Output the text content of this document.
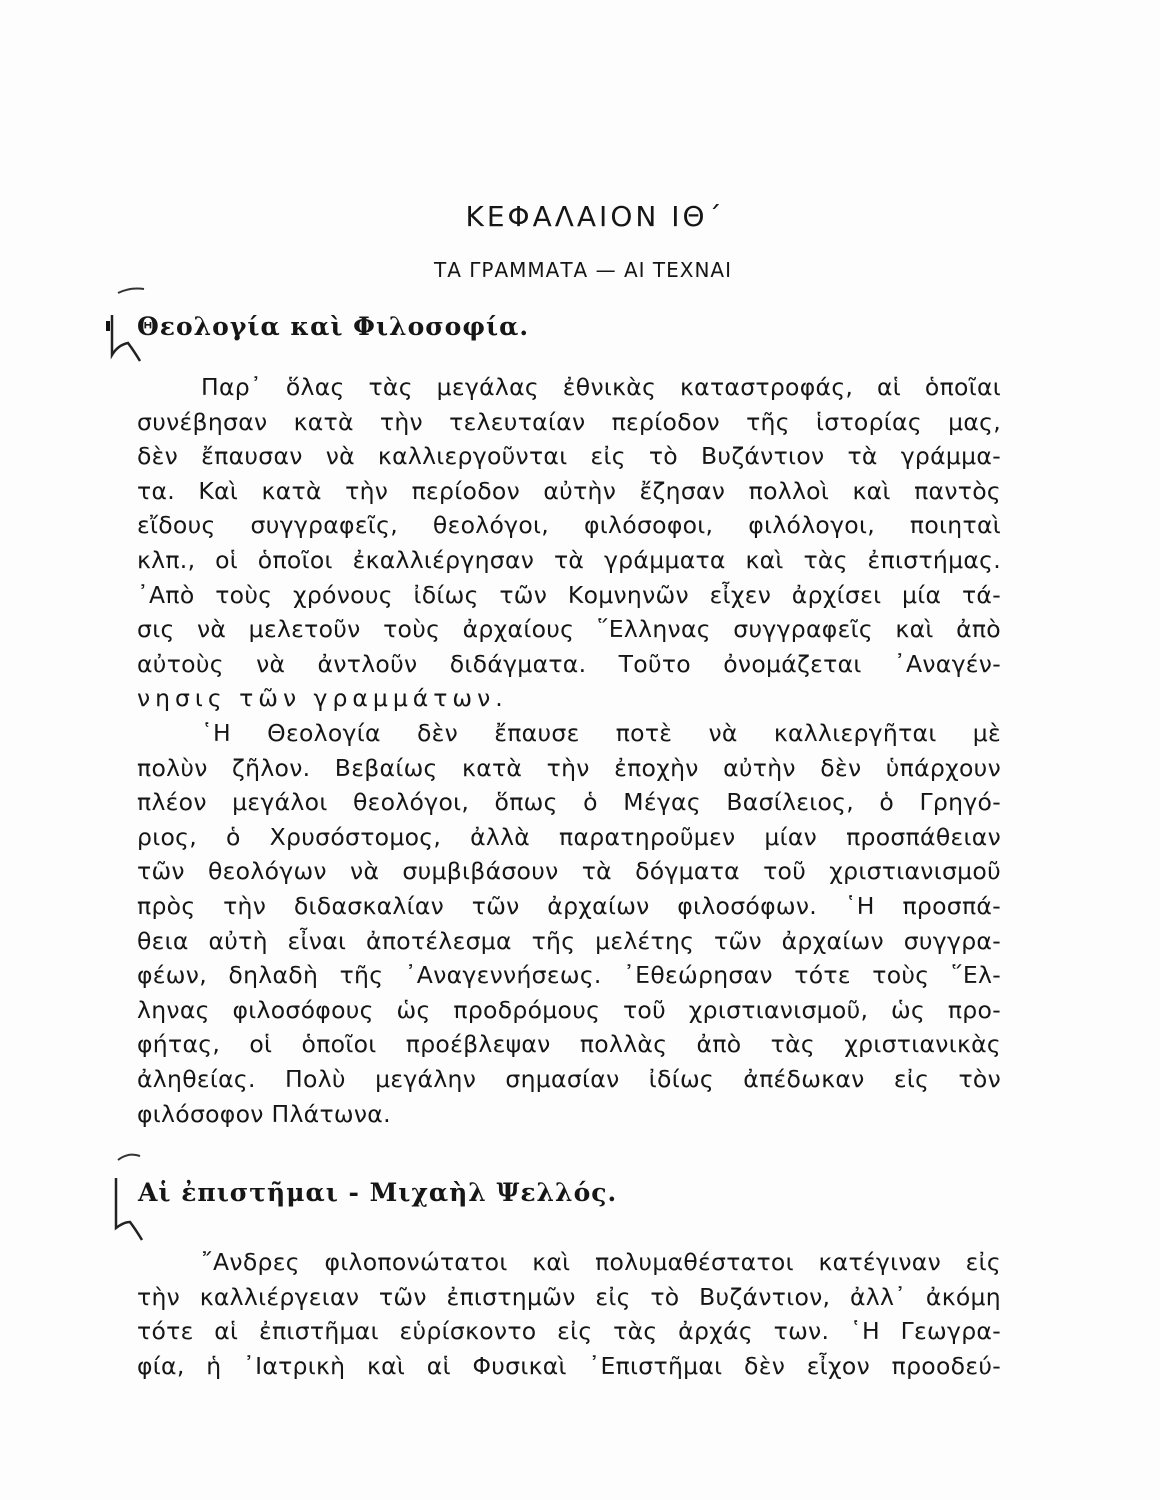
ΚΕΦΑΛΑΙΟΝ ΙΘ΄
ΤΑ ΓΡΑΜΜΑΤΑ — ΑΙ ΤΕΧΝΑΙ
Θεολογία καὶ Φιλοσοφία.
Παρ᾽ ὅλας τὰς μεγάλας ἐθνικὰς καταστροφάς, αἱ ὁποῖαι
συνέβησαν κατὰ τὴν τελευταίαν περίοδον τῆς ἱστορίας μας,
δὲν ἔπαυσαν νὰ καλλιεργοῦνται εἰς τὸ Βυζάντιον τὰ γράμμα-
τα. Καὶ κατὰ τὴν περίοδον αὐτὴν ἔζησαν πολλοὶ καὶ παντὸς
εἴδους συγγραφεῖς, θεολόγοι, φιλόσοφοι, φιλόλογοι, ποιηταὶ
κλπ., οἱ ὁποῖοι ἐκαλλιέργησαν τὰ γράμματα καὶ τὰς ἐπιστήμας.
᾽Απὸ τοὺς χρόνους ἰδίως τῶν Κομνηνῶν εἶχεν ἀρχίσει μία τά-
σις νὰ μελετοῦν τοὺς ἀρχαίους ῞Ελληνας συγγραφεῖς καὶ ἀπὸ
αὐτοὺς νὰ ἀντλοῦν διδάγματα. Τοῦτο ὀνομάζεται ᾽Αναγέν-
νησις τῶν γραμμάτων.
῾Η Θεολογία δὲν ἔπαυσε ποτὲ νὰ καλλιεργῆται μὲ
πολὺν ζῆλον. Βεβαίως κατὰ τὴν ἐποχὴν αὐτὴν δὲν ὑπάρχουν
πλέον μεγάλοι θεολόγοι, ὅπως ὁ Μέγας Βασίλειος, ὁ Γρηγό-
ριος, ὁ Χρυσόστομος, ἀλλὰ παρατηροῦμεν μίαν προσπάθειαν
τῶν θεολόγων νὰ συμβιβάσουν τὰ δόγματα τοῦ χριστιανισμοῦ
πρὸς τὴν διδασκαλίαν τῶν ἀρχαίων φιλοσόφων. ῾Η προσπά-
θεια αὐτὴ εἶναι ἀποτέλεσμα τῆς μελέτης τῶν ἀρχαίων συγγρα-
φέων, δηλαδὴ τῆς ᾽Αναγεννήσεως. ᾽Εθεώρησαν τότε τοὺς ῞Ελ-
ληνας φιλοσόφους ὡς προδρόμους τοῦ χριστιανισμοῦ, ὡς προ-
φήτας, οἱ ὁποῖοι προέβλεψαν πολλὰς ἀπὸ τὰς χριστιανικὰς
ἀληθείας. Πολὺ μεγάλην σημασίαν ἰδίως ἀπέδωκαν εἰς τὸν
φιλόσοφον Πλάτωνα.
Αἱ ἐπιστῆμαι - Μιχαὴλ Ψελλός.
῎Ανδρες φιλοπονώτατοι καὶ πολυμαθέστατοι κατέγιναν εἰς
τὴν καλλιέργειαν τῶν ἐπιστημῶν εἰς τὸ Βυζάντιον, ἀλλ᾽ ἀκόμη
τότε αἱ ἐπιστῆμαι εὑρίσκοντο εἰς τὰς ἀρχάς των. ῾Η Γεωγρα-
φία, ἡ ᾽Ιατρικὴ καὶ αἱ Φυσικαὶ ᾽Επιστῆμαι δὲν εἶχον προοδεύ-
